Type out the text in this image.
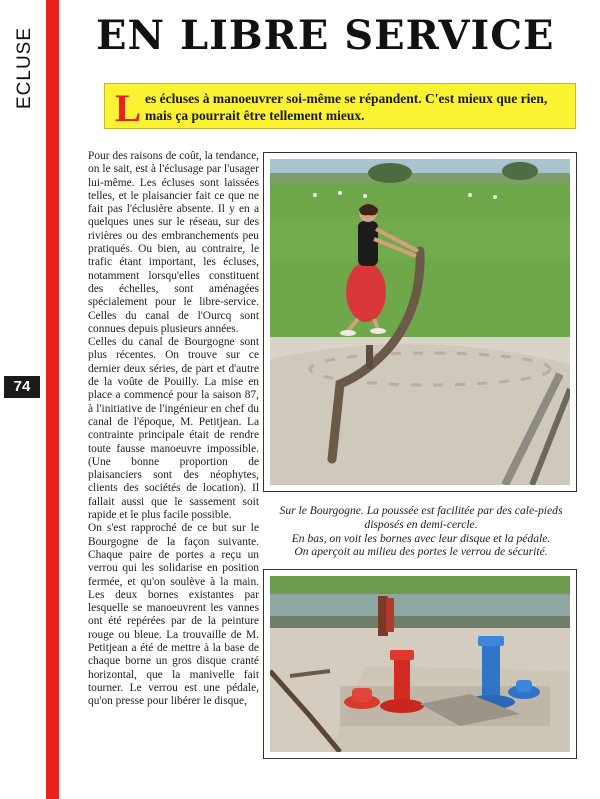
ECLUSE EN LIBRE SERVICE
Les écluses à manoeuvrer soi-même se répandent. C'est mieux que rien, mais ça pourrait être tellement mieux.
74

Pour des raisons de coût, la tendance, on le sait, est à l'éclusage par l'usager lui-même. Les écluses sont laissées telles, et le plaisancier fait ce que ne fait pas l'éclusière absente. Il y en a quelques unes sur le réseau, sur des rivières ou des embranchements peu pratiqués. Ou bien, au contraire, le trafic étant important, les écluses, notamment lorsqu'elles constituent des échelles, sont aménagées spécialement pour le libre-service. Celles du canal de l'Ourcq sont connues depuis plusieurs années.
Celles du canal de Bourgogne sont plus récentes. On trouve sur ce dernier deux séries, de part et d'autre de la voûte de Pouilly. La mise en place a commencé pour la saison 87, à l'initiative de l'ingénieur en chef du canal de l'époque, M. Petitjean. La contrainte principale était de rendre toute fausse manoeuvre impossible. (Une bonne proportion de plaisanciers sont des néophytes, clients des sociétés de location). Il fallait aussi que le sassement soit rapide et le plus facile possible.
On s'est rapproché de ce but sur le Bourgogne de la façon suivante. Chaque paire de portes a reçu un verrou qui les solidarise en position fermée, et qu'on soulève à la main. Les deux bornes existantes par lesquelle se manoeuvrent les vannes ont été repérées par de la peinture rouge ou bleue. La trouvaille de M. Petitjean a été de mettre à la base de chaque borne un gros disque cranté horizontal, que la manivelle fait tourner. Le verrou est une pédale, qu'on presse pour libérer le disque,

Sur le Bourgogne. La poussée est facilitée par des cale-pieds
disposés en demi-cercle.
En bas, on voit les bornes avec leur disque et la pédale.
On aperçoit au milieu des portes le verrou de sécurité.
